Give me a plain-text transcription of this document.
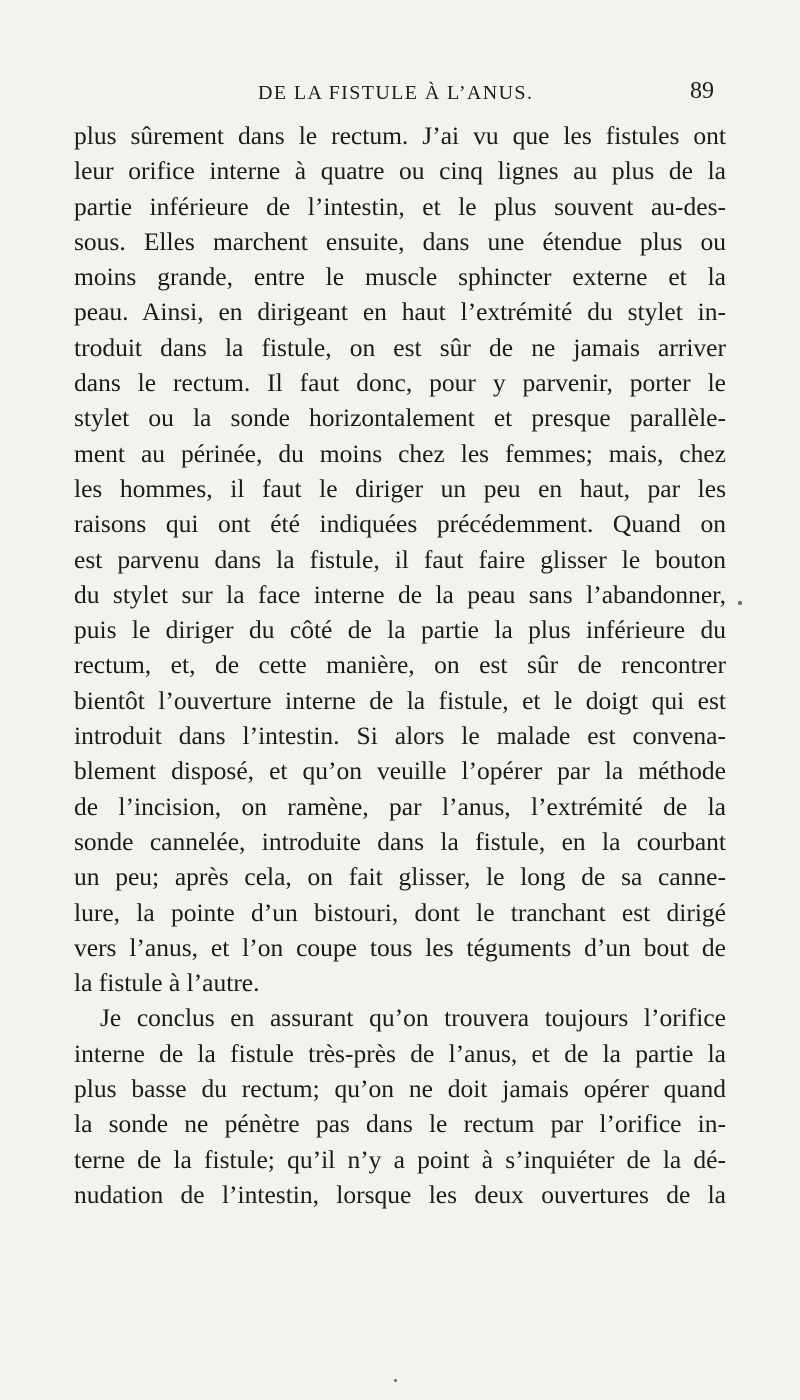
DE LA FISTULE À L’ANUS.	89
plus sûrement dans le rectum. J’ai vu que les fistules ont
leur orifice interne à quatre ou cinq lignes au plus de la
partie inférieure de l’intestin, et le plus souvent au-des-
sous. Elles marchent ensuite, dans une étendue plus ou
moins grande, entre le muscle sphincter externe et la
peau. Ainsi, en dirigeant en haut l’extrémité du stylet in-
troduit dans la fistule, on est sûr de ne jamais arriver
dans le rectum. Il faut donc, pour y parvenir, porter le
stylet ou la sonde horizontalement et presque parallèle-
ment au périnée, du moins chez les femmes; mais, chez
les hommes, il faut le diriger un peu en haut, par les
raisons qui ont été indiquées précédemment. Quand on
est parvenu dans la fistule, il faut faire glisser le bouton
du stylet sur la face interne de la peau sans l’abandonner,
puis le diriger du côté de la partie la plus inférieure du
rectum, et, de cette manière, on est sûr de rencontrer
bientôt l’ouverture interne de la fistule, et le doigt qui est
introduit dans l’intestin. Si alors le malade est convena-
blement disposé, et qu’on veuille l’opérer par la méthode
de l’incision, on ramène, par l’anus, l’extrémité de la
sonde cannelée, introduite dans la fistule, en la courbant
un peu; après cela, on fait glisser, le long de sa canne-
lure, la pointe d’un bistouri, dont le tranchant est dirigé
vers l’anus, et l’on coupe tous les téguments d’un bout de
la fistule à l’autre.
Je conclus en assurant qu’on trouvera toujours l’orifice
interne de la fistule très-près de l’anus, et de la partie la
plus basse du rectum; qu’on ne doit jamais opérer quand
la sonde ne pénètre pas dans le rectum par l’orifice in-
terne de la fistule; qu’il n’y a point à s’inquiéter de la dé-
nudation de l’intestin, lorsque les deux ouvertures de la
